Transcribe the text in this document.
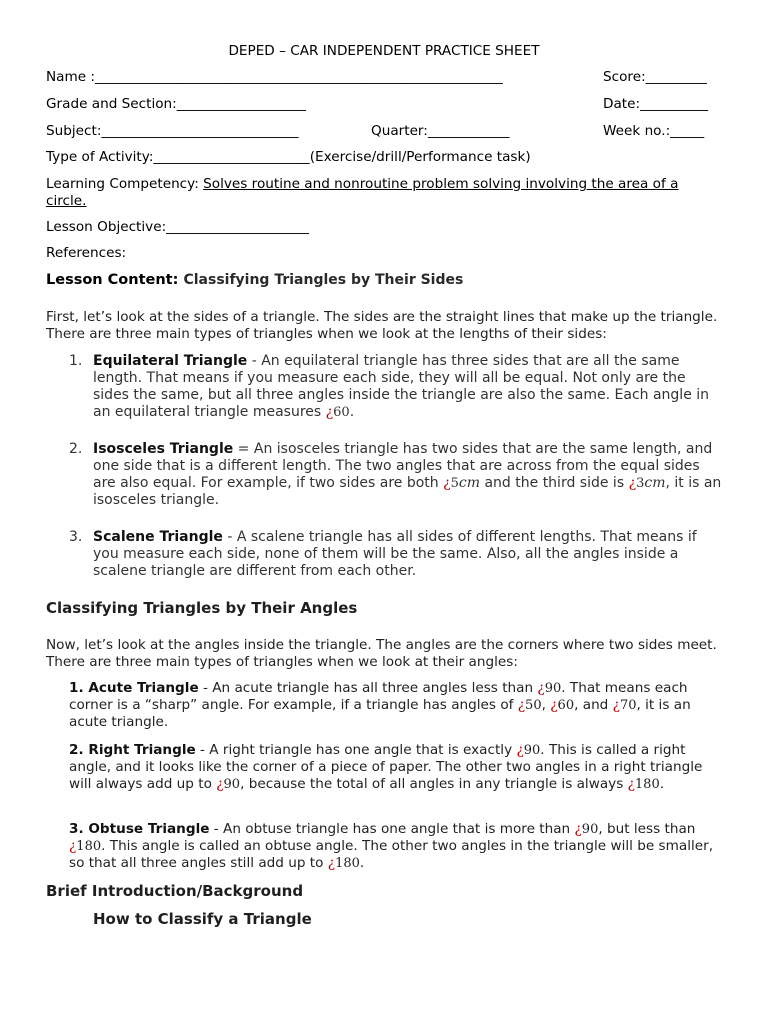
DEPED – CAR INDEPENDENT PRACTICE SHEET
Name :____________________________________________________________	Score:_________
Grade and Section:___________________	Date:__________
Subject:_____________________________	Quarter:____________	Week no.:_____
Type of Activity:_______________________(Exercise/drill/Performance task)
Learning Competency: Solves routine and nonroutine problem solving involving the area of a circle.
Lesson Objective:_____________________
References:
Lesson Content: Classifying Triangles by Their Sides
First, let’s look at the sides of a triangle. The sides are the straight lines that make up the triangle. There are three main types of triangles when we look at the lengths of their sides:
1. Equilateral Triangle - An equilateral triangle has three sides that are all the same length. That means if you measure each side, they will all be equal. Not only are the sides the same, but all three angles inside the triangle are also the same. Each angle in an equilateral triangle measures ¿60.
2. Isosceles Triangle = An isosceles triangle has two sides that are the same length, and one side that is a different length. The two angles that are across from the equal sides are also equal. For example, if two sides are both ¿5cm and the third side is ¿3cm, it is an isosceles triangle.
3. Scalene Triangle - A scalene triangle has all sides of different lengths. That means if you measure each side, none of them will be the same. Also, all the angles inside a scalene triangle are different from each other.
Classifying Triangles by Their Angles
Now, let’s look at the angles inside the triangle. The angles are the corners where two sides meet. There are three main types of triangles when we look at their angles:
1. Acute Triangle - An acute triangle has all three angles less than ¿90. That means each corner is a “sharp” angle. For example, if a triangle has angles of ¿50, ¿60, and ¿70, it is an acute triangle.
2. Right Triangle - A right triangle has one angle that is exactly ¿90. This is called a right angle, and it looks like the corner of a piece of paper. The other two angles in a right triangle will always add up to ¿90, because the total of all angles in any triangle is always ¿180.
3. Obtuse Triangle - An obtuse triangle has one angle that is more than ¿90, but less than ¿180. This angle is called an obtuse angle. The other two angles in the triangle will be smaller, so that all three angles still add up to ¿180.
Brief Introduction/Background
How to Classify a Triangle
